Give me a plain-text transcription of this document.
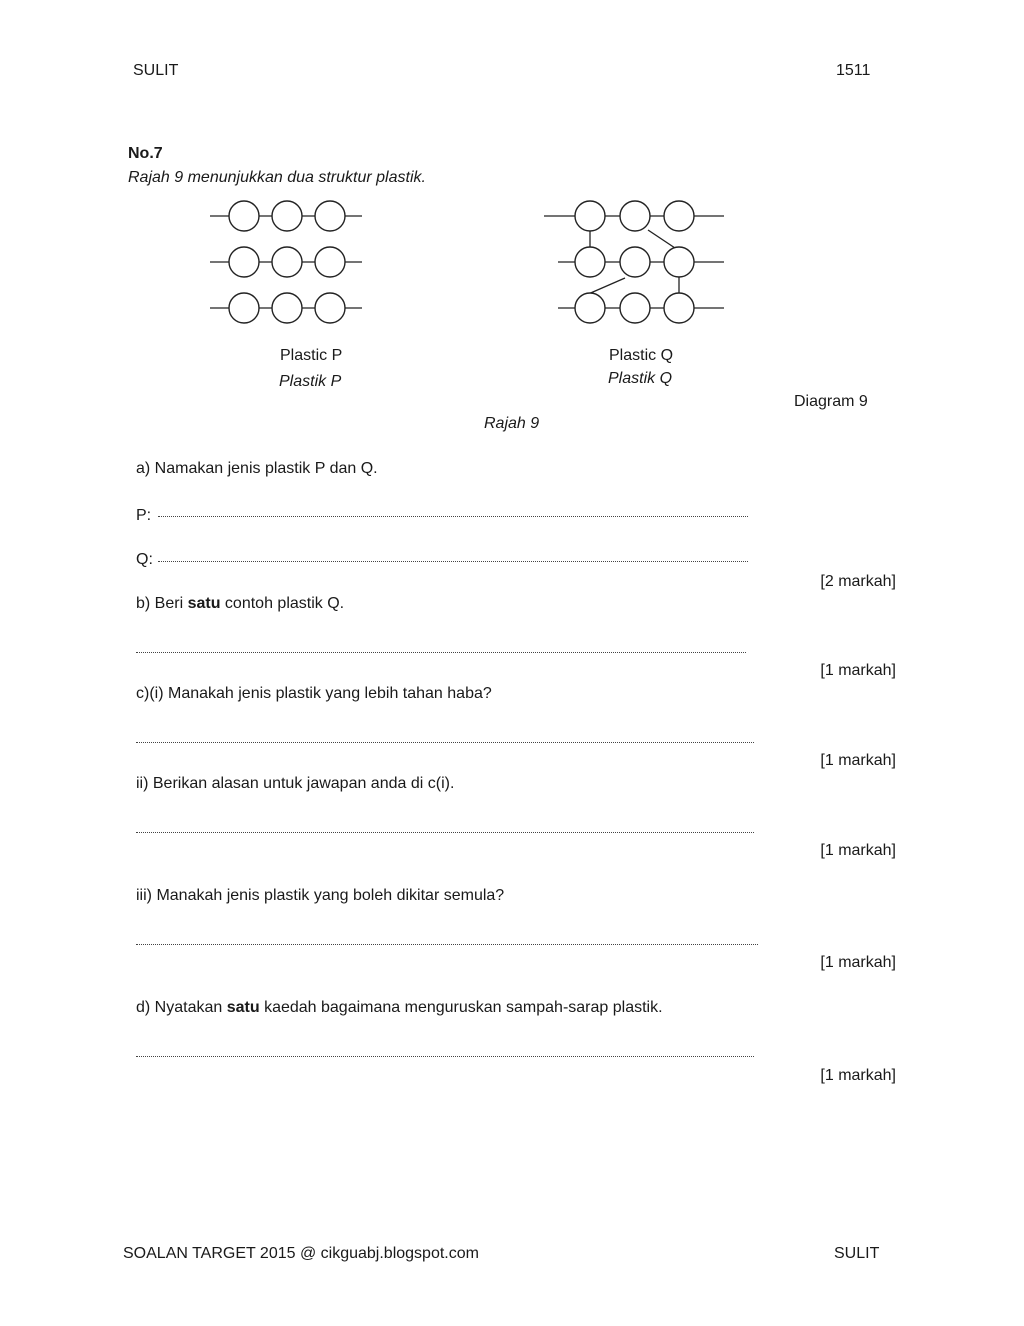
SULIT	1511
No.7
Rajah 9 menunjukkan dua struktur plastik.
Plastic P
Plastik P
Plastic Q
Plastik Q
Diagram 9
Rajah 9
a) Namakan jenis plastik P dan Q.
P:
Q:
[2 markah]
b) Beri satu contoh plastik Q.
[1 markah]
c)(i) Manakah jenis plastik yang lebih tahan haba?
[1 markah]
ii) Berikan alasan untuk jawapan anda di c(i).
[1 markah]
iii) Manakah jenis plastik yang boleh dikitar semula?
[1 markah]
d) Nyatakan satu kaedah bagaimana menguruskan sampah-sarap plastik.
[1 markah]
SOALAN TARGET 2015 @ cikguabj.blogspot.com	SULIT
